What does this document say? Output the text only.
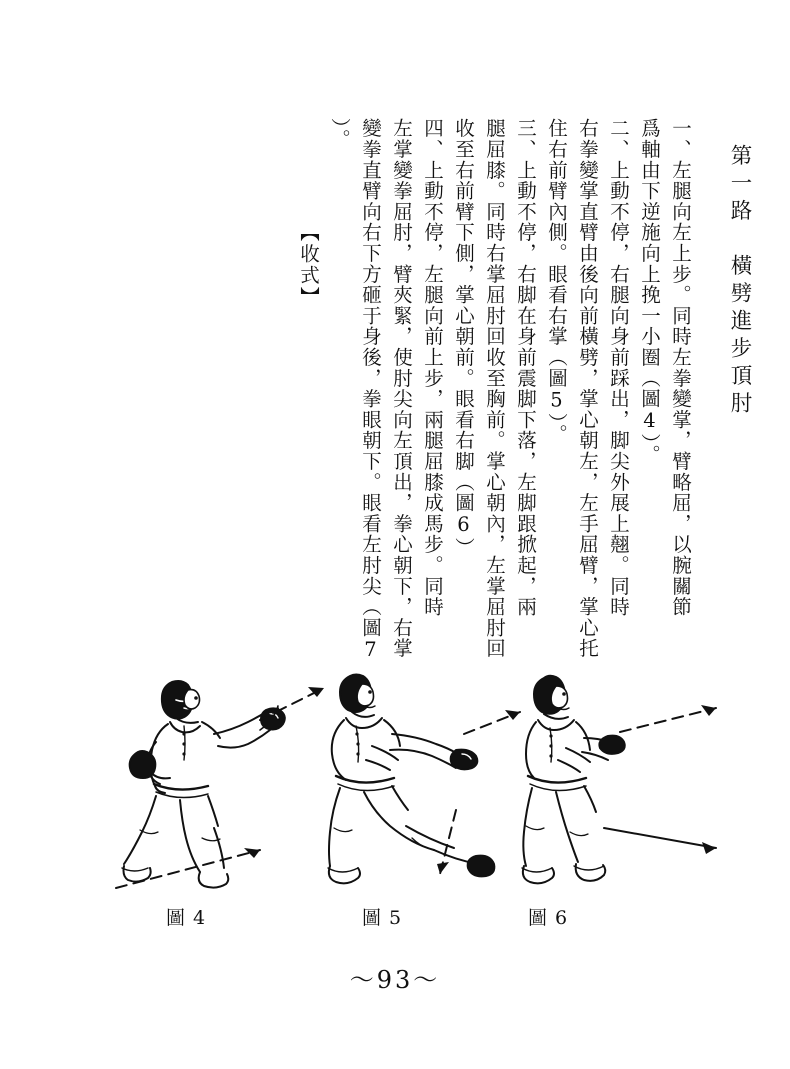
第一路　橫劈進步頂肘
一、左腿向左上步。同時左拳變掌，臂略屈，以腕關節
爲軸由下逆施向上挽一小圈（圖4）。
二、上動不停，右腿向身前踩出，脚尖外展上翹。同時
右拳變掌直臂由後向前橫劈，掌心朝左，左手屈臂，掌心托
住右前臂內側。眼看右掌（圖5）。
三、上動不停，右脚在身前震脚下落，左脚跟掀起，兩
腿屈膝。同時右掌屈肘回收至胸前。掌心朝內，左掌屈肘回
收至右前臂下側，掌心朝前。眼看右脚（圖6）
四、上動不停，左腿向前上步，兩腿屈膝成馬步。同時
左掌變拳屈肘，臂夾緊，使肘尖向左頂出，拳心朝下，右掌
變拳直臂向右下方砸于身後，拳眼朝下。眼看左肘尖（圖7
）。
【收式】
圖 4	圖 5	圖 6
～93～
